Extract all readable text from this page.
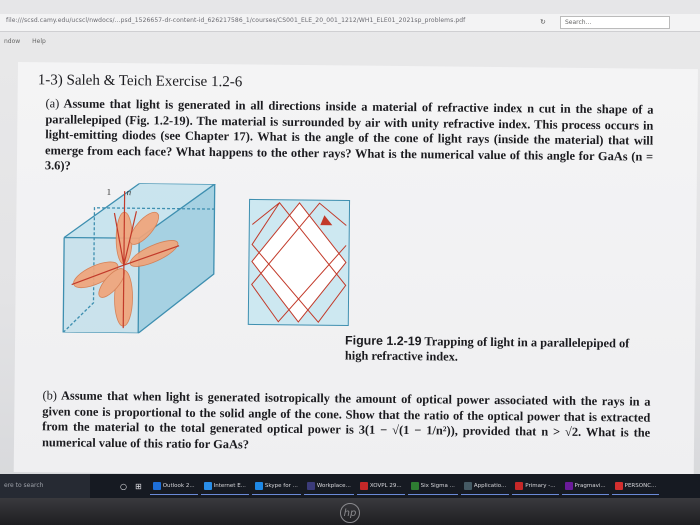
file:///scsd.camy.edu/ucscl/nwdocs/...psd_1526657-dr-content-id_626217586_1/courses/CS001_ELE_20_001_1212/WH1_ELE01_2021sp_problems.pdf	↻	Search...
ndow Help
1-3) Saleh & Teich Exercise 1.2-6
(a) Assume that light is generated in all directions inside a material of refractive index n cut in the shape of a parallelepiped (Fig. 1.2-19). The material is surrounded by air with unity refractive index. This process occurs in light-emitting diodes (see Chapter 17). What is the angle of the cone of light rays (inside the material) that will emerge from each face? What happens to the other rays? What is the numerical value of this angle for GaAs (n = 3.6)?
1 n
Figure 1.2-19 Trapping of light in a parallelepiped of high refractive index.
(b) Assume that when light is generated isotropically the amount of optical power associated with the rays in a given cone is proportional to the solid angle of the cone. Show that the ratio of the optical power that is extracted from the material to the total generated optical power is 3(1 − √(1 − 1/n²)), provided that n > √2. What is the numerical value of this ratio for GaAs?
ere to search	○ ⊞	Outlook 2...	Internet E...	Skype for ...	Workplace...	XOVPL 29...	Six Sigma ...	Applicatio...	Primary -...	Pragmavi...	PERSONC...
hp
